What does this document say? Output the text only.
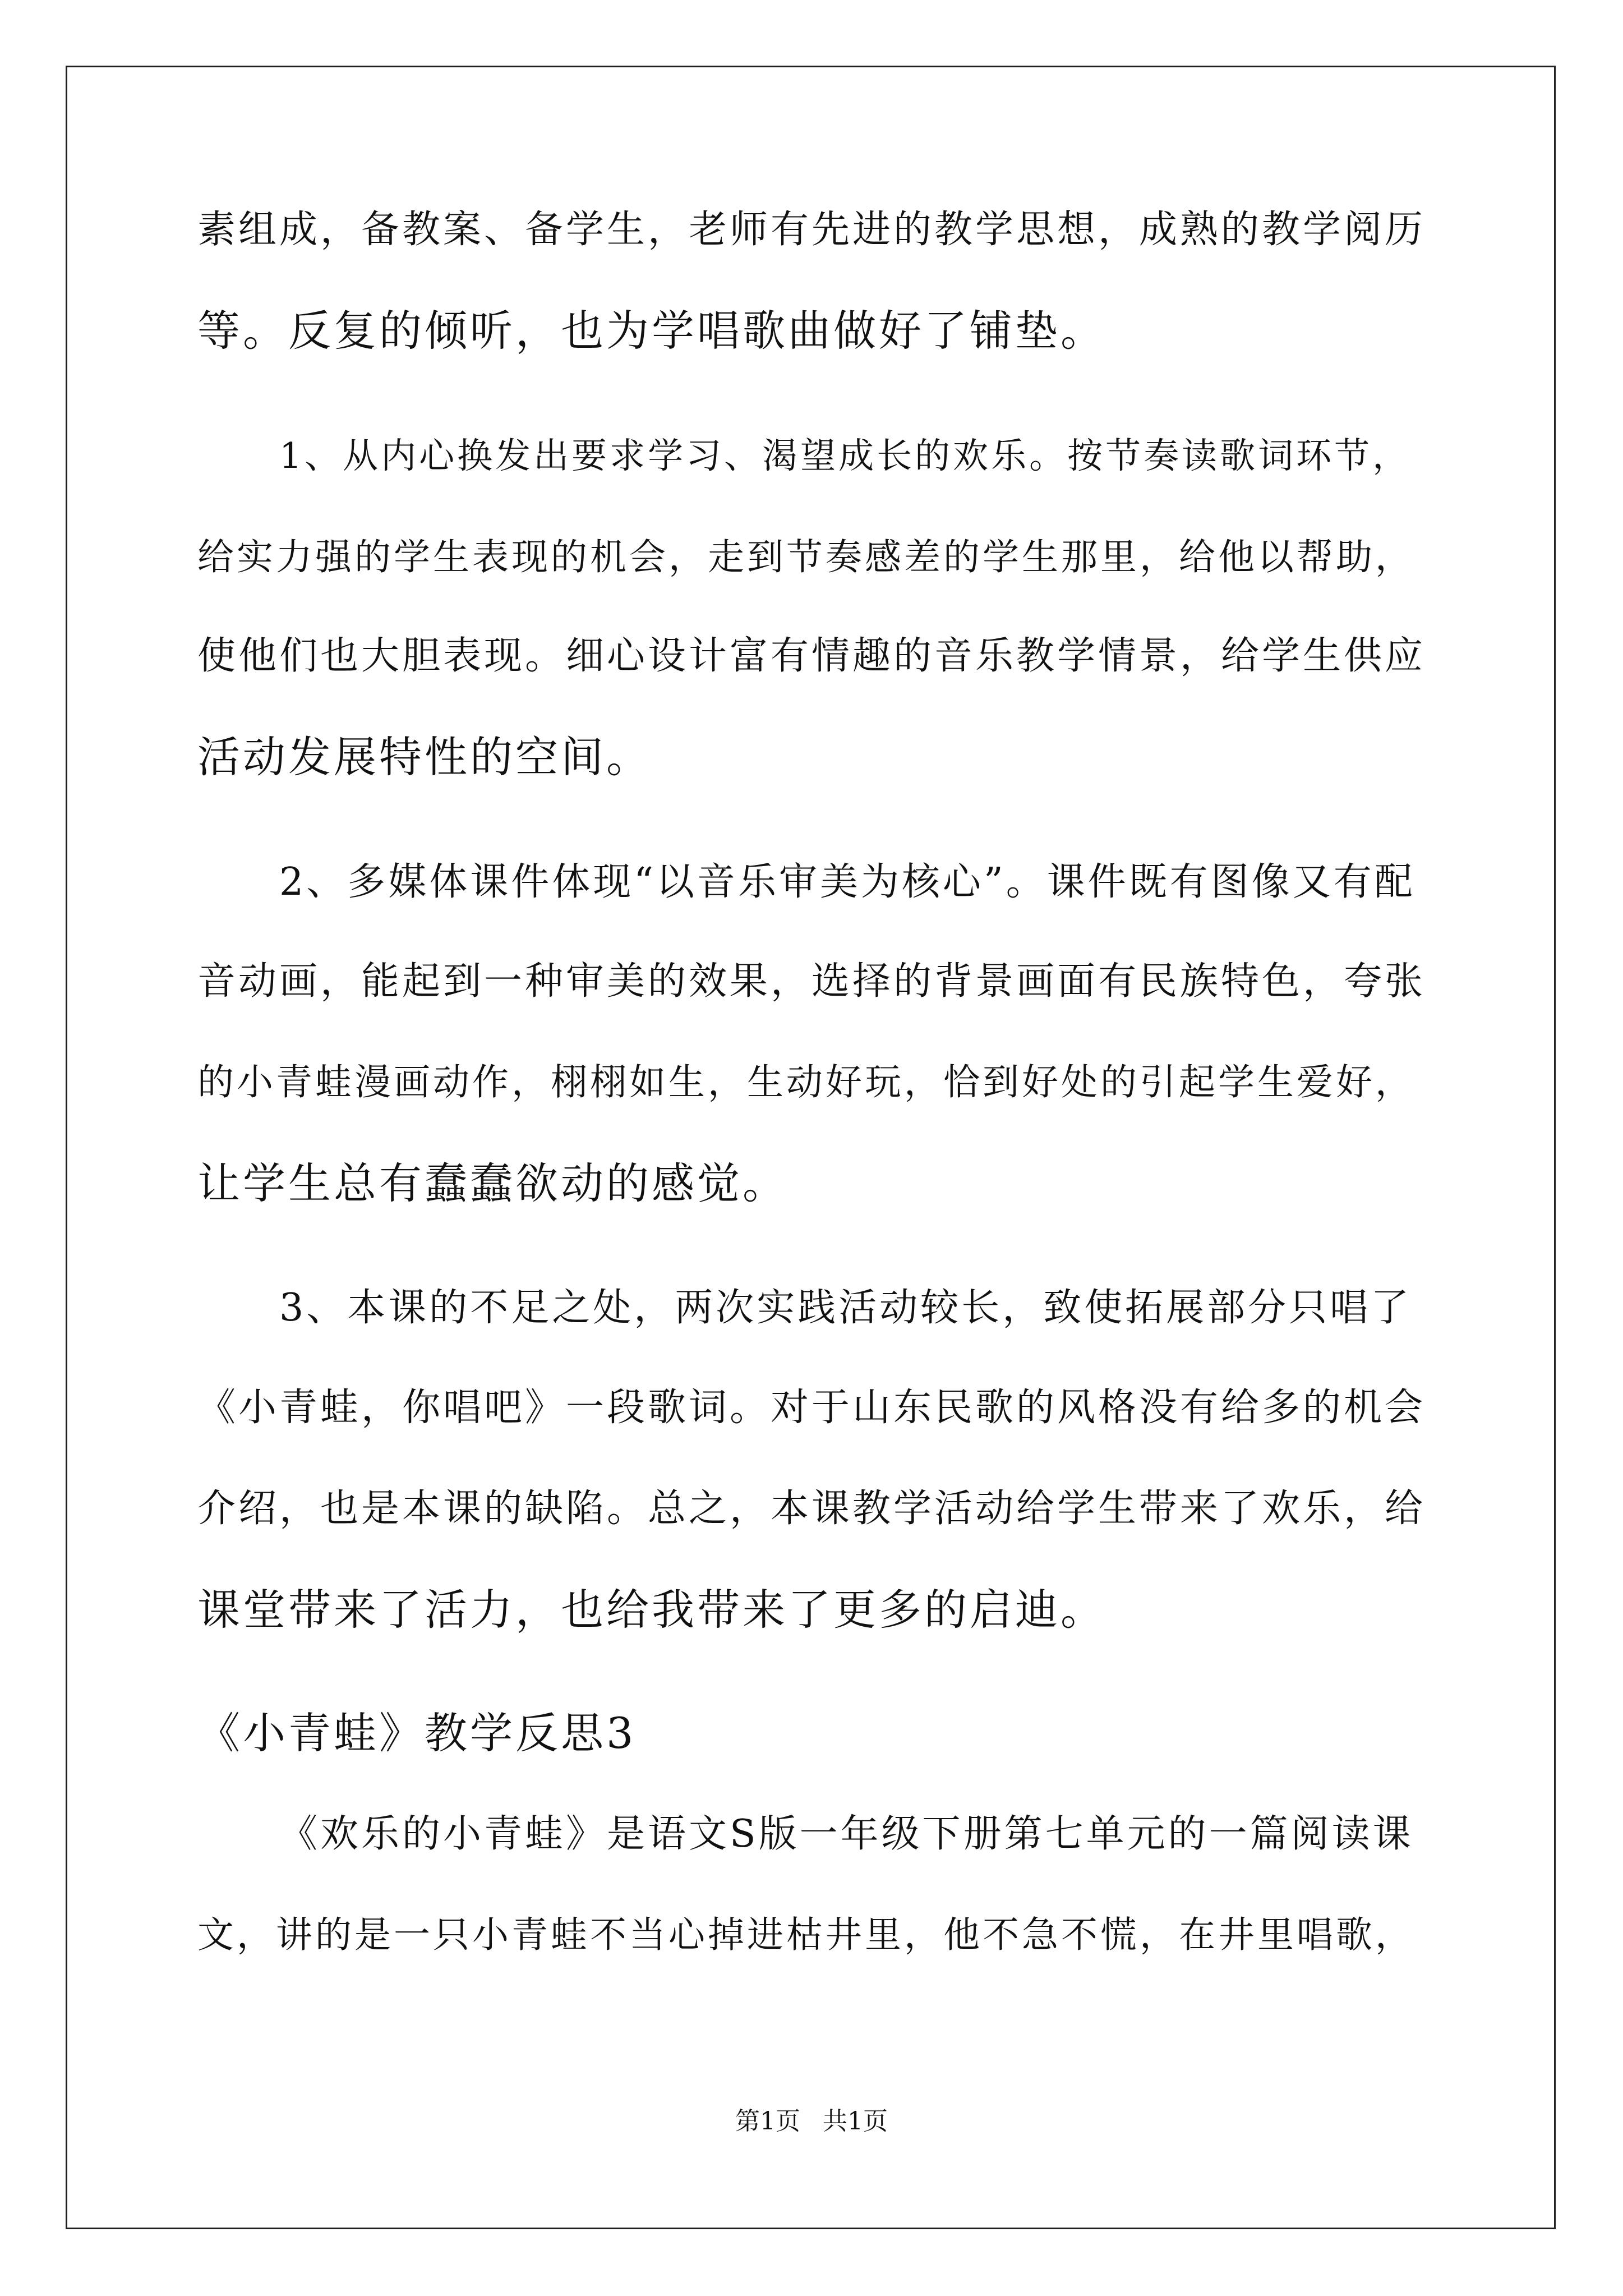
素组成，备教案、备学生，老师有先进的教学思想，成熟的教学阅历
等。反复的倾听，也为学唱歌曲做好了铺垫。
1、从内心换发出要求学习、渴望成长的欢乐。按节奏读歌词环节，
给实力强的学生表现的机会，走到节奏感差的学生那里，给他以帮助，
使他们也大胆表现。细心设计富有情趣的音乐教学情景，给学生供应
活动发展特性的空间。
2、多媒体课件体现“以音乐审美为核心”。课件既有图像又有配
音动画，能起到一种审美的效果，选择的背景画面有民族特色，夸张
的小青蛙漫画动作，栩栩如生，生动好玩，恰到好处的引起学生爱好，
让学生总有蠢蠢欲动的感觉。
3、本课的不足之处，两次实践活动较长，致使拓展部分只唱了
《小青蛙，你唱吧》一段歌词。对于山东民歌的风格没有给多的机会
介绍，也是本课的缺陷。总之，本课教学活动给学生带来了欢乐，给
课堂带来了活力，也给我带来了更多的启迪。
《小青蛙》教学反思3
《欢乐的小青蛙》是语文S版一年级下册第七单元的一篇阅读课
文，讲的是一只小青蛙不当心掉进枯井里，他不急不慌，在井里唱歌，
第1页 共1页
